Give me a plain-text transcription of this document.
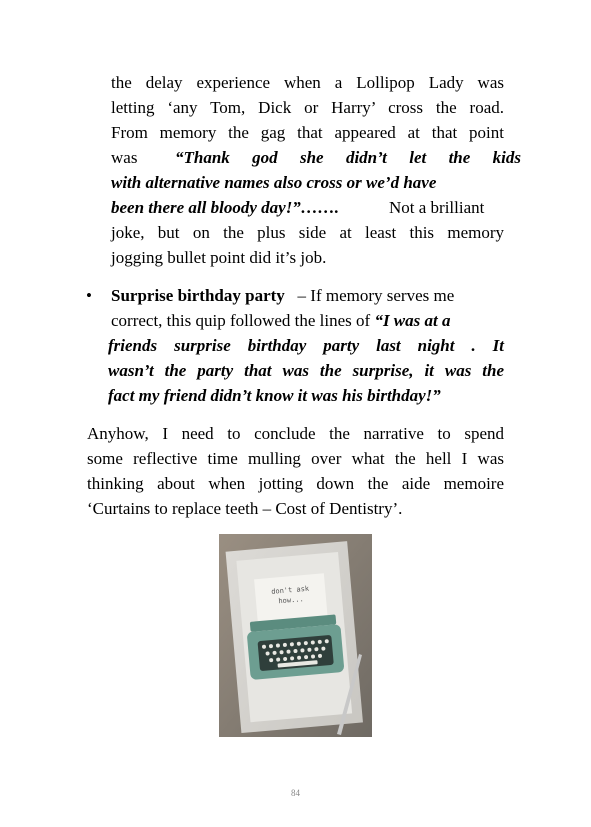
the delay experience when a Lollipop Lady was
letting ‘any Tom, Dick or Harry’ cross the road.
From memory the gag that appeared at that point
was “Thank god she didn’t let the kids
with alternative names also cross or we’d have
been there all bloody day!”…….	Not a brilliant
joke, but on the plus side at least this memory
jogging bullet point did it’s job.
• Surprise birthday party – If memory serves me
correct, this quip followed the lines of “I was at a
friends surprise birthday party last night . It
wasn’t the party that was the surprise, it was the
fact my friend didn’t know it was his birthday!”
Anyhow, I need to conclude the narrative to spend
some reflective time mulling over what the hell I was
thinking about when jotting down the aide memoire
‘Curtains to replace teeth – Cost of Dentistry’.
don't ask
how...
84
